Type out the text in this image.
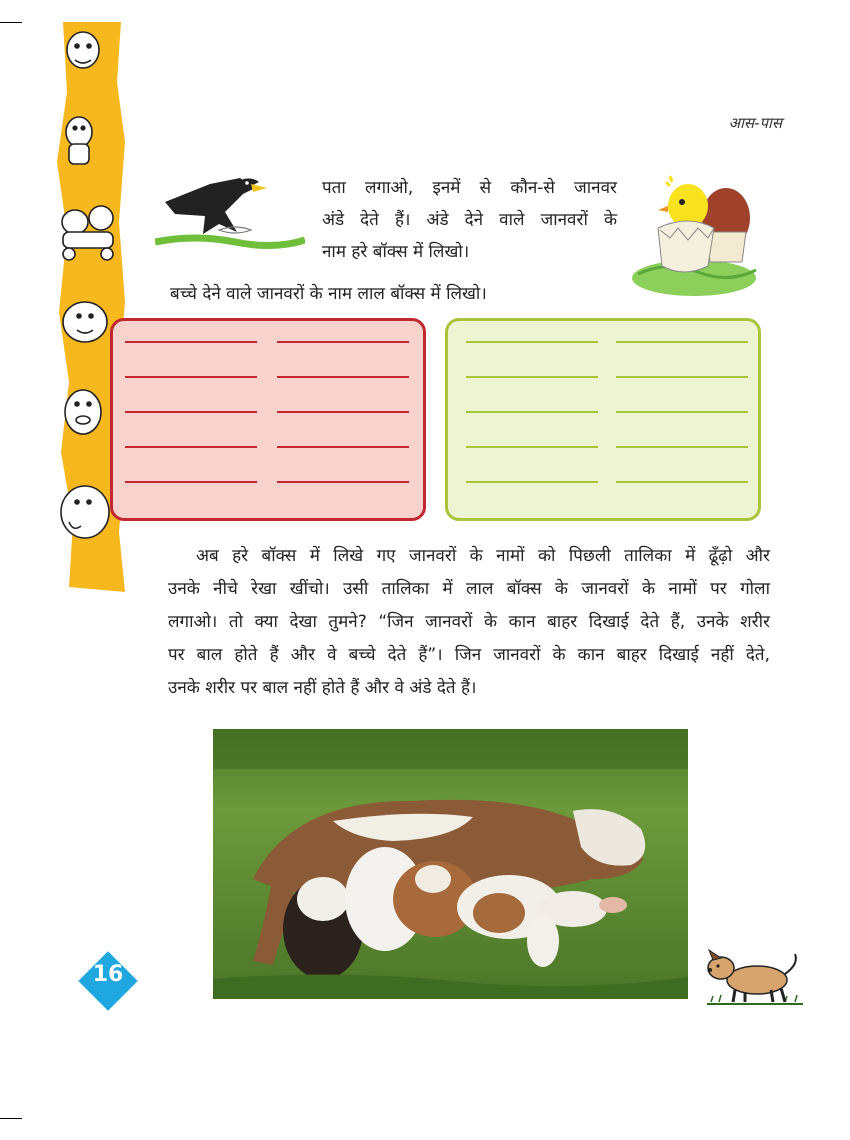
आस-पास

पता लगाओ, इनमें से कौन-से जानवर

अंडे देते हैं। अंडे देने वाले जानवरों के

नाम हरे बॉक्स में लिखो।

बच्चे देने वाले जानवरों के नाम लाल बॉक्स में लिखो।
अब हरे बॉक्स में लिखे गए जानवरों के नामों को पिछली तालिका में ढूँढ़ो और
उनके नीचे रेखा खींचो। उसी तालिका में लाल बॉक्स के जानवरों के नामों पर गोला
लगाओ। तो क्या देखा तुमने? “जिन जानवरों के कान बाहर दिखाई देते हैं, उनके शरीर
पर बाल होते हैं और वे बच्चे देते हैं”। जिन जानवरों के कान बाहर दिखाई नहीं देते,
उनके शरीर पर बाल नहीं होते हैं और वे अंडे देते हैं।
16
